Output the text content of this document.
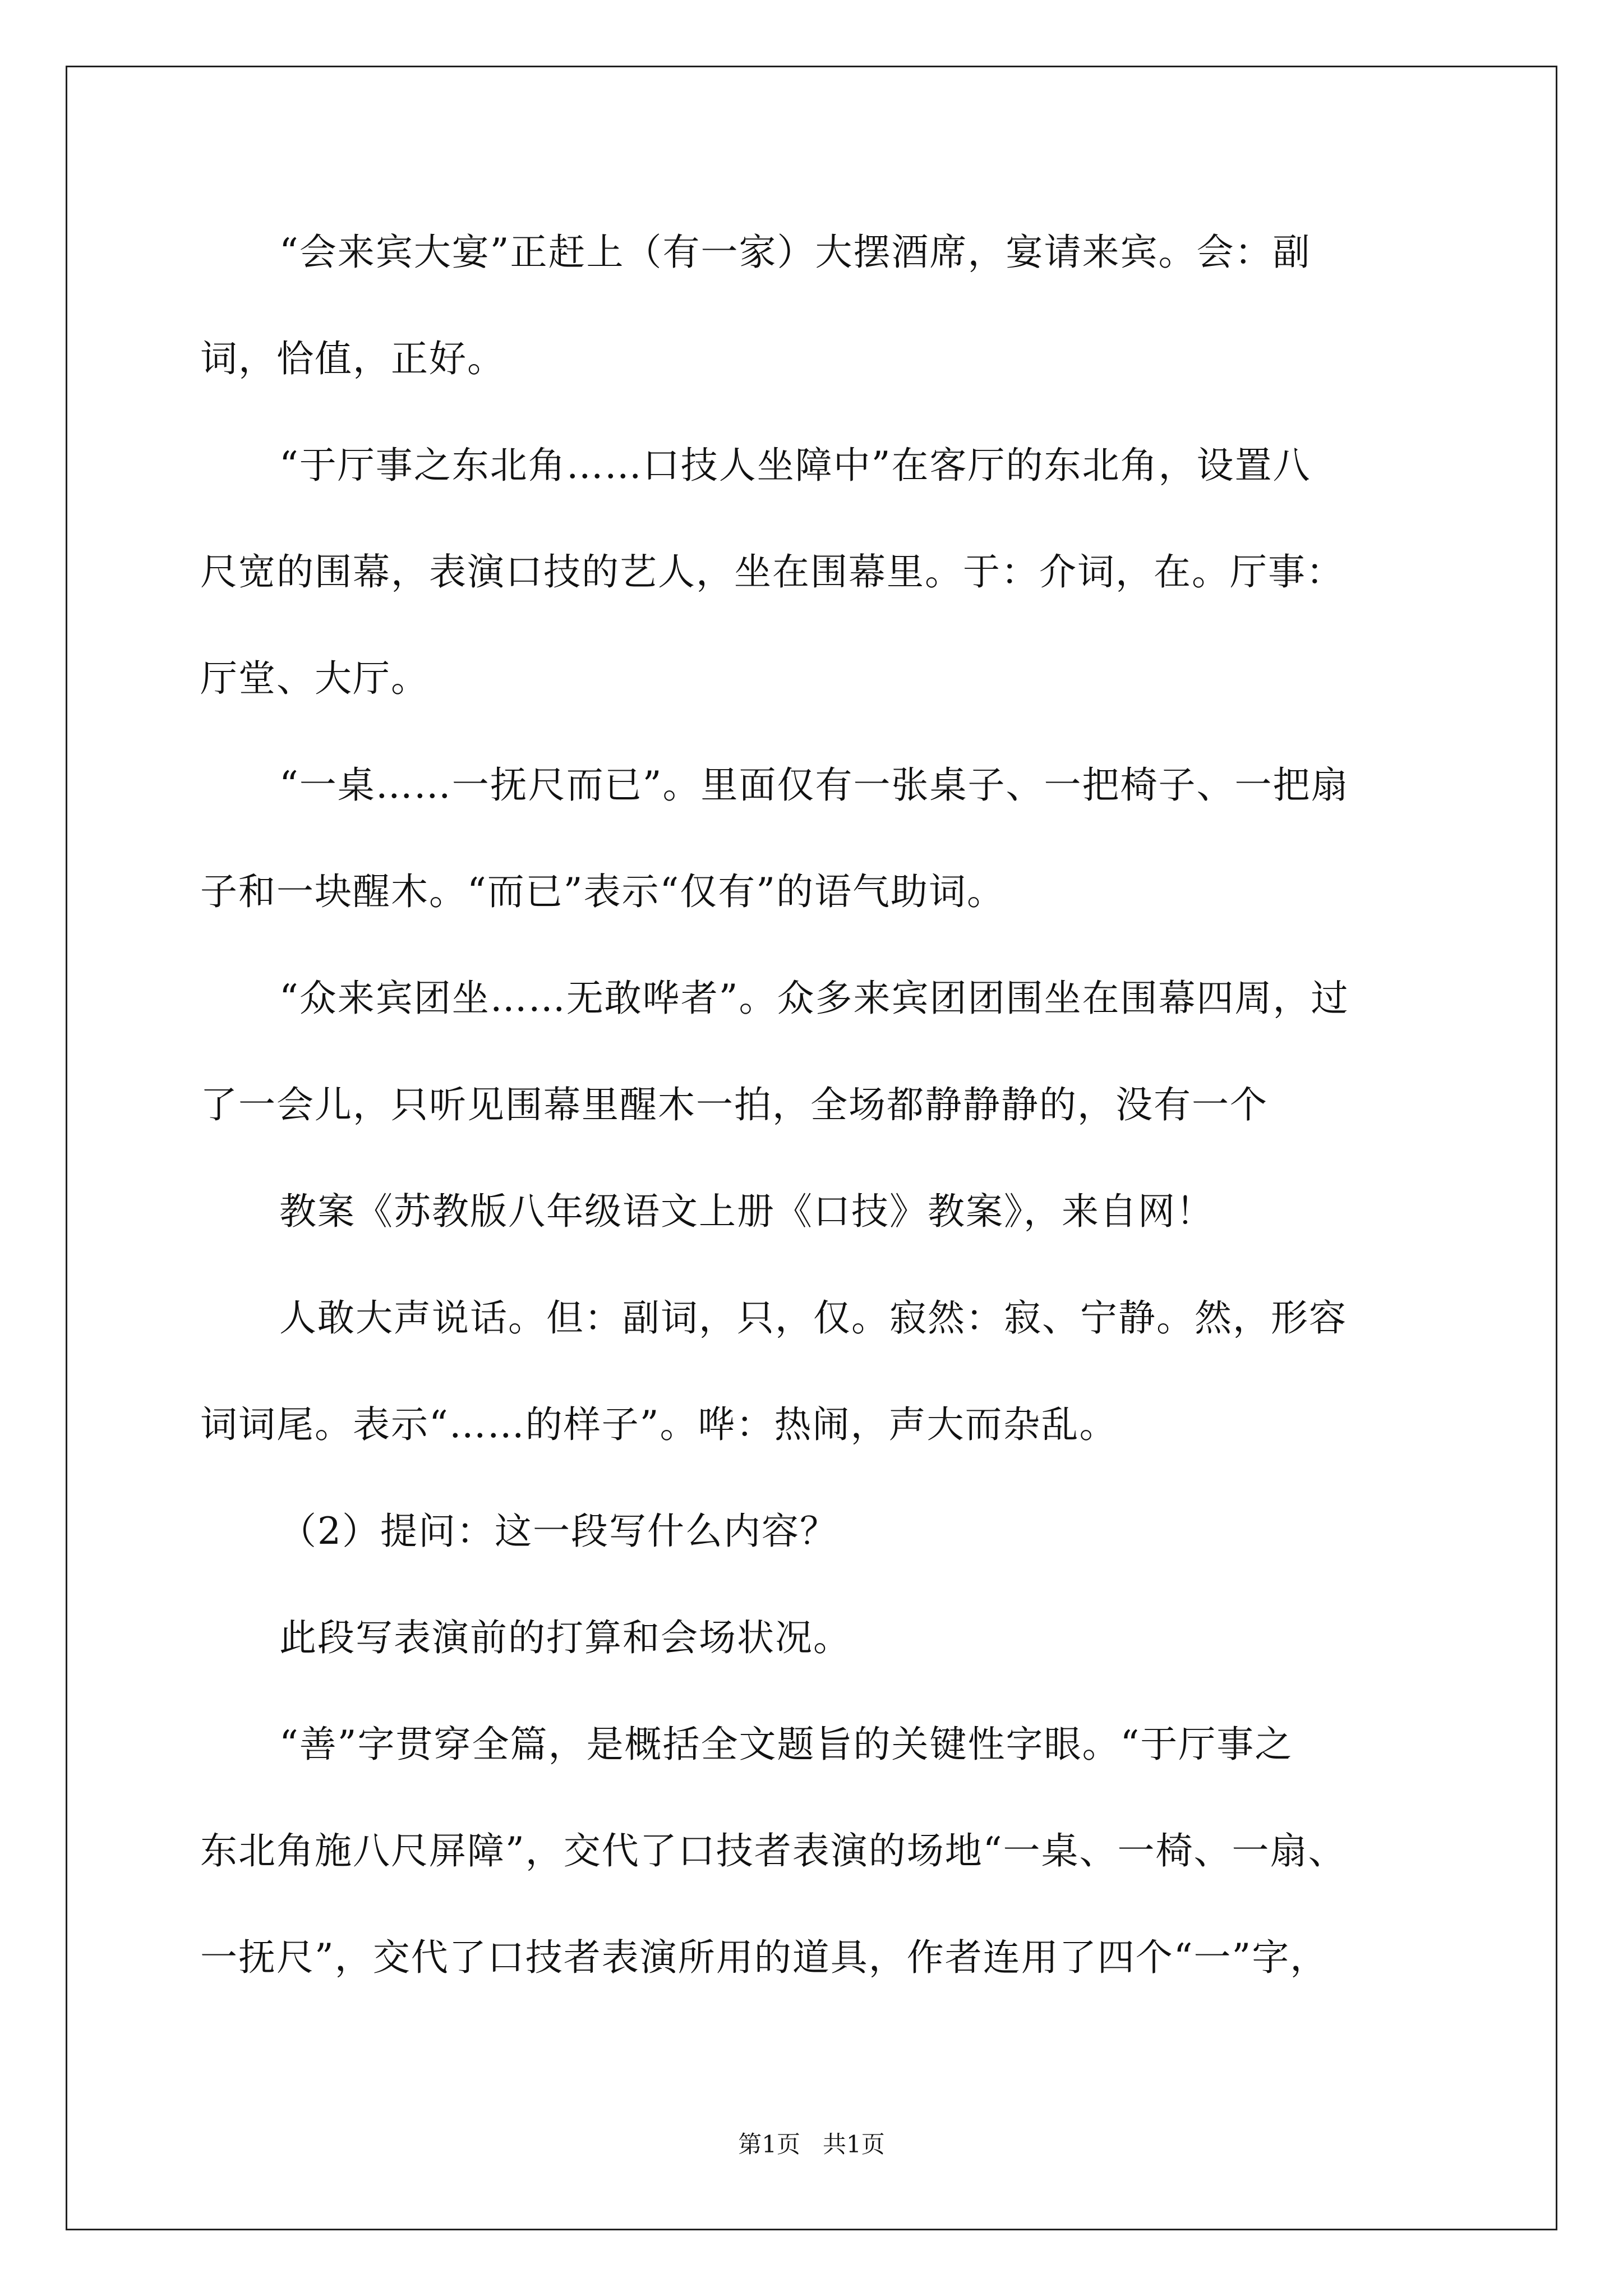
“会来宾大宴”正赶上（有一家）大摆酒席，宴请来宾。会：副
词，恰值，正好。
“于厅事之东北角……口技人坐障中”在客厅的东北角，设置八
尺宽的围幕，表演口技的艺人，坐在围幕里。于：介词，在。厅事：
厅堂、大厅。
“一桌……一抚尺而已”。里面仅有一张桌子、一把椅子、一把扇
子和一块醒木。“而已”表示“仅有”的语气助词。
“众来宾团坐……无敢哗者”。众多来宾团团围坐在围幕四周，过
了一会儿，只听见围幕里醒木一拍，全场都静静静的，没有一个
教案《苏教版八年级语文上册《口技》教案》，来自网！
人敢大声说话。但：副词，只，仅。寂然：寂、宁静。然，形容
词词尾。表示“……的样子”。哗：热闹，声大而杂乱。
（2）提问：这一段写什么内容？
此段写表演前的打算和会场状况。
“善”字贯穿全篇，是概括全文题旨的关键性字眼。“于厅事之
东北角施八尺屏障”，交代了口技者表演的场地“一桌、一椅、一扇、
一抚尺”，交代了口技者表演所用的道具，作者连用了四个“一”字，
第1页   共1页
